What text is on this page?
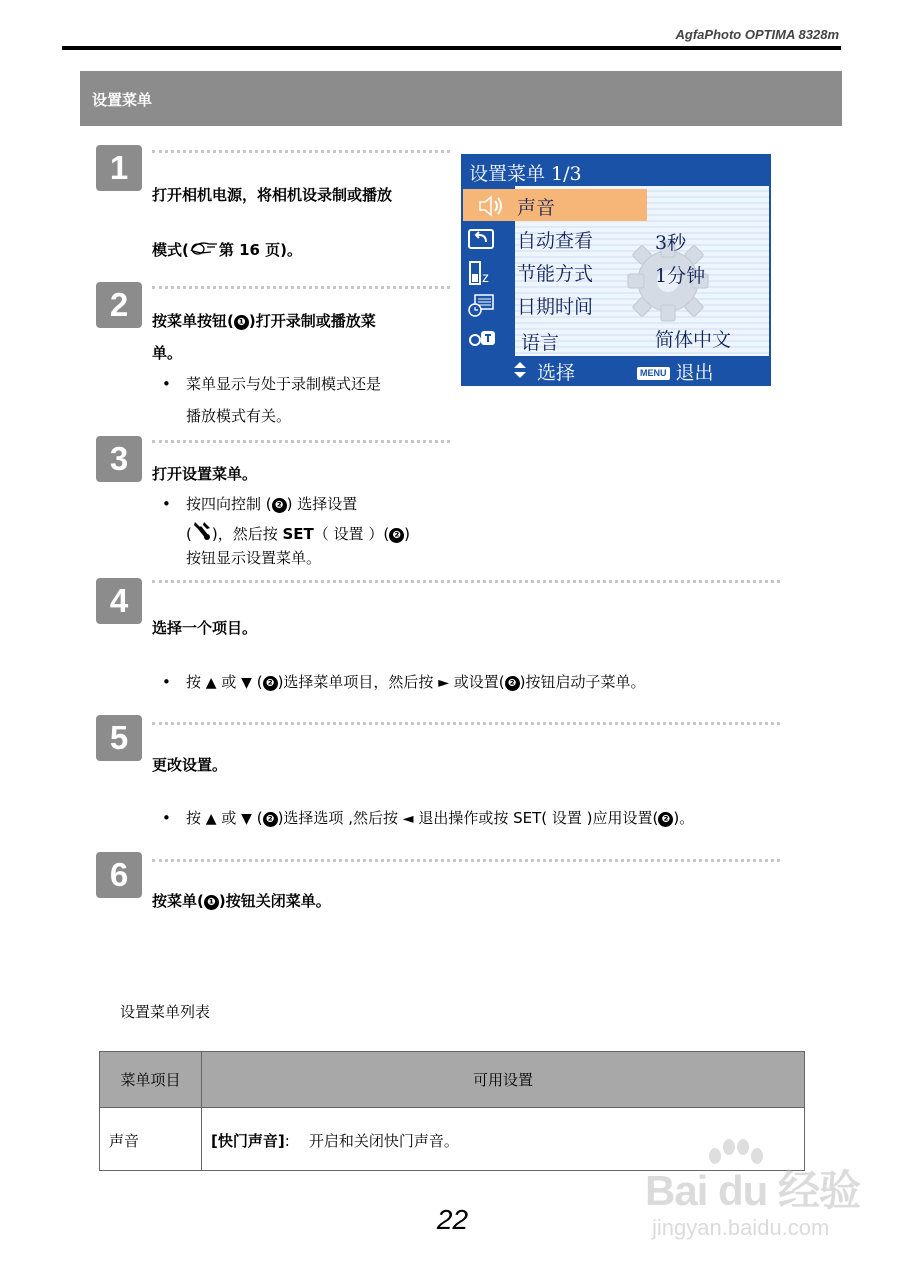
AgfaPhoto OPTIMA 8328m
设置菜单
1
打开相机电源，将相机设录制或播放
模式( 第 16 页)。
2	按菜单按钮( ❶ )打开录制或播放菜
单。
• 菜单显示与处于录制模式还是
播放模式有关。
设置菜单 1/3
z
声音
自动查看	3秒
节能方式	1分钟
日期时间
语言	简体中文
选择	MENU 退出
3	打开设置菜单。
• 按四向控制 ( ❷ ) 选择设置
( )，然后按 SET（ 设置 ）( ❷ )
按钮显示设置菜单。
4
选择一个项目。
• 按 ▲ 或 ▼ ( ❷ )选择菜单项目，然后按 ► 或设置( ❷ )按钮启动子菜单。
5
更改设置。
• 按 ▲ 或 ▼ ( ❷ )选择选项 ,然后按 ◄ 退出操作或按 SET( 设置 )应用设置( ❷ )。
6
按菜单( ❶ )按钮关闭菜单。
设置菜单列表
菜单项目	可用设置
声音	[快门声音]:    开启和关闭快门声音。
Bai du 经验
jingyan.baidu.com
22
